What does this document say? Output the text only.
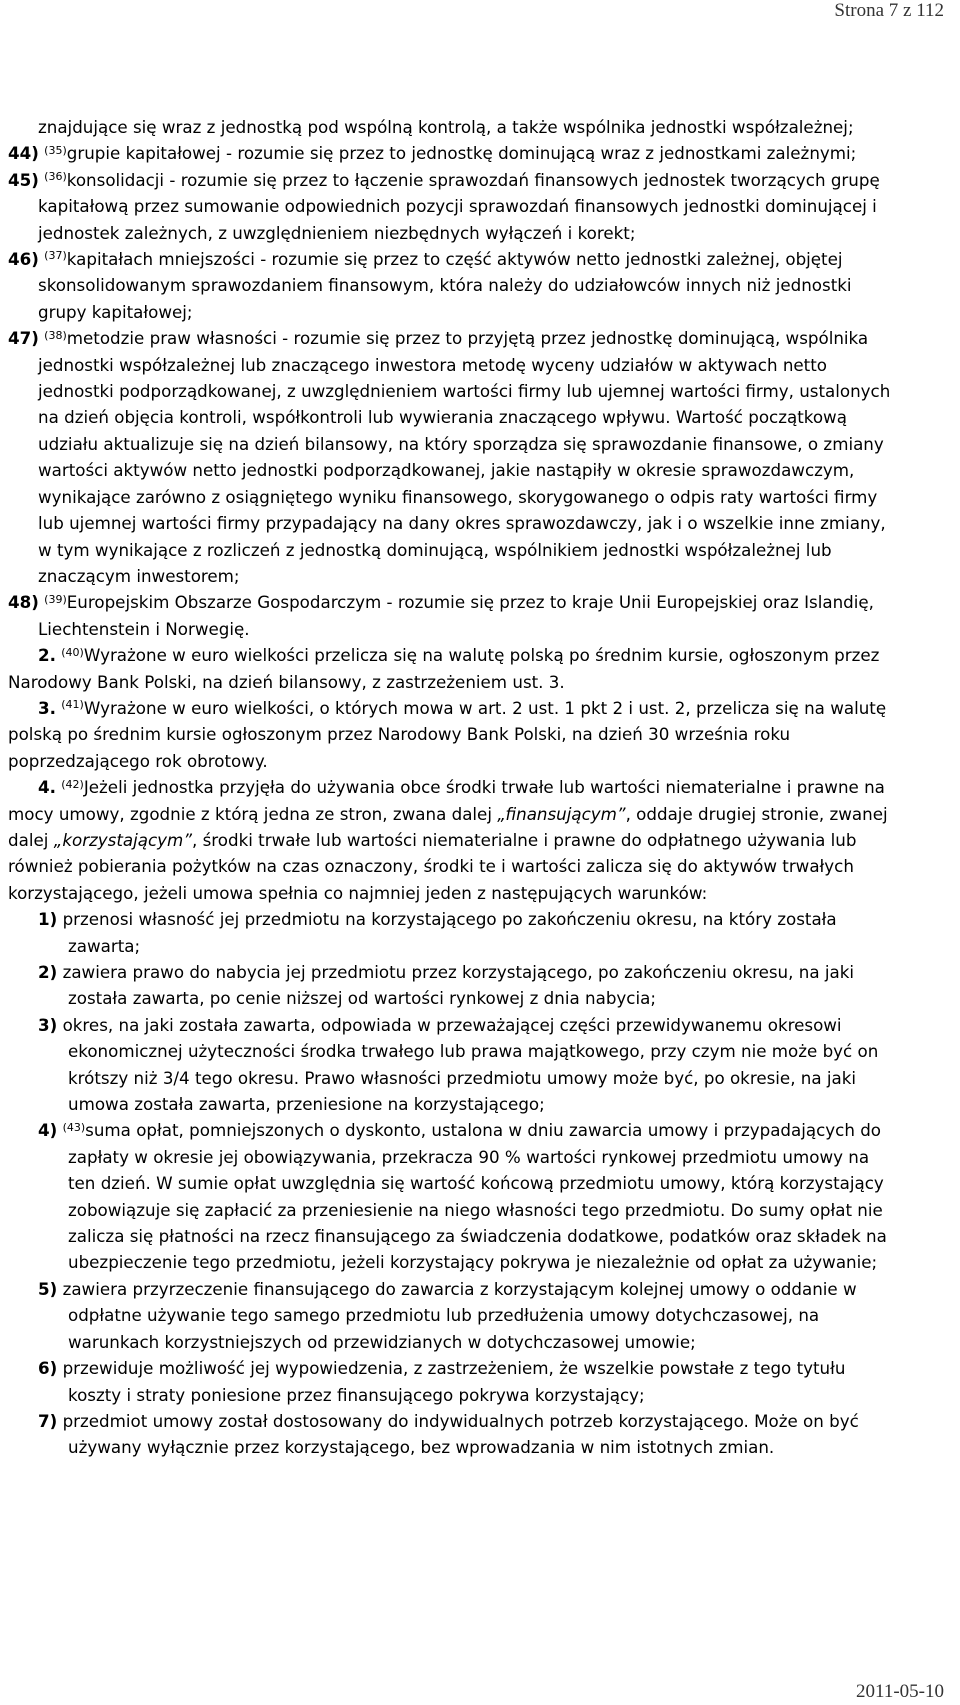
Strona 7 z 112

znajdujące się wraz z jednostką pod wspólną kontrolą, a także wspólnika jednostki współzależnej;

44) $^{(35)}$grupie kapitałowej - rozumie się przez to jednostkę dominującą wraz z jednostkami zależnymi;

45) $^{(36)}$konsolidacji - rozumie się przez to łączenie sprawozdań finansowych jednostek tworzących grupę kapitałową przez sumowanie odpowiednich pozycji sprawozdań finansowych jednostki dominującej i jednostek zależnych, z uwzględnieniem niezbędnych wyłączeń i korekt;

46) $^{(37)}$kapitałach mniejszości - rozumie się przez to część aktywów netto jednostki zależnej, objętej skonsolidowanym sprawozdaniem finansowym, która należy do udziałowców innych niż jednostki grupy kapitałowej;

47) $^{(38)}$metodzie praw własności - rozumie się przez to przyjętą przez jednostkę dominującą, wspólnika jednostki współzależnej lub znaczącego inwestora metodę wyceny udziałów w aktywach netto jednostki podporządkowanej, z uwzględnieniem wartości firmy lub ujemnej wartości firmy, ustalonych na dzień objęcia kontroli, współkontroli lub wywierania znaczącego wpływu. Wartość początkową udziału aktualizuje się na dzień bilansowy, na który sporządza się sprawozdanie finansowe, o zmiany wartości aktywów netto jednostki podporządkowanej, jakie nastąpiły w okresie sprawozdawczym, wynikające zarówno z osiągniętego wyniku finansowego, skorygowanego o odpis raty wartości firmy lub ujemnej wartości firmy przypadający na dany okres sprawozdawczy, jak i o wszelkie inne zmiany, w tym wynikające z rozliczeń z jednostką dominującą, wspólnikiem jednostki współzależnej lub znaczącym inwestorem;

48) $^{(39)}$Europejskim Obszarze Gospodarczym - rozumie się przez to kraje Unii Europejskiej oraz Islandię, Liechtenstein i Norwegię.

2. $^{(40)}$Wyrażone w euro wielkości przelicza się na walutę polską po średnim kursie, ogłoszonym przez Narodowy Bank Polski, na dzień bilansowy, z zastrzeżeniem ust. 3.

3. $^{(41)}$Wyrażone w euro wielkości, o których mowa w art. 2 ust. 1 pkt 2 i ust. 2, przelicza się na walutę polską po średnim kursie ogłoszonym przez Narodowy Bank Polski, na dzień 30 września roku poprzedzającego rok obrotowy.

4. $^{(42)}$Jeżeli jednostka przyjęła do używania obce środki trwałe lub wartości niematerialne i prawne na mocy umowy, zgodnie z którą jedna ze stron, zwana dalej „finansującym”, oddaje drugiej stronie, zwanej dalej „korzystającym”, środki trwałe lub wartości niematerialne i prawne do odpłatnego używania lub również pobierania pożytków na czas oznaczony, środki te i wartości zalicza się do aktywów trwałych korzystającego, jeżeli umowa spełnia co najmniej jeden z następujących warunków:

1) przenosi własność jej przedmiotu na korzystającego po zakończeniu okresu, na który została zawarta;

2) zawiera prawo do nabycia jej przedmiotu przez korzystającego, po zakończeniu okresu, na jaki została zawarta, po cenie niższej od wartości rynkowej z dnia nabycia;

3) okres, na jaki została zawarta, odpowiada w przeważającej części przewidywanemu okresowi ekonomicznej użyteczności środka trwałego lub prawa majątkowego, przy czym nie może być on krótszy niż 3/4 tego okresu. Prawo własności przedmiotu umowy może być, po okresie, na jaki umowa została zawarta, przeniesione na korzystającego;

4) $^{(43)}$suma opłat, pomniejszonych o dyskonto, ustalona w dniu zawarcia umowy i przypadających do zapłaty w okresie jej obowiązywania, przekracza 90 % wartości rynkowej przedmiotu umowy na ten dzień. W sumie opłat uwzględnia się wartość końcową przedmiotu umowy, którą korzystający zobowiązuje się zapłacić za przeniesienie na niego własności tego przedmiotu. Do sumy opłat nie zalicza się płatności na rzecz finansującego za świadczenia dodatkowe, podatków oraz składek na ubezpieczenie tego przedmiotu, jeżeli korzystający pokrywa je niezależnie od opłat za używanie;

5) zawiera przyrzeczenie finansującego do zawarcia z korzystającym kolejnej umowy o oddanie w odpłatne używanie tego samego przedmiotu lub przedłużenia umowy dotychczasowej, na warunkach korzystniejszych od przewidzianych w dotychczasowej umowie;

6) przewiduje możliwość jej wypowiedzenia, z zastrzeżeniem, że wszelkie powstałe z tego tytułu koszty i straty poniesione przez finansującego pokrywa korzystający;

7) przedmiot umowy został dostosowany do indywidualnych potrzeb korzystającego. Może on być używany wyłącznie przez korzystającego, bez wprowadzania w nim istotnych zmian.

2011-05-10
